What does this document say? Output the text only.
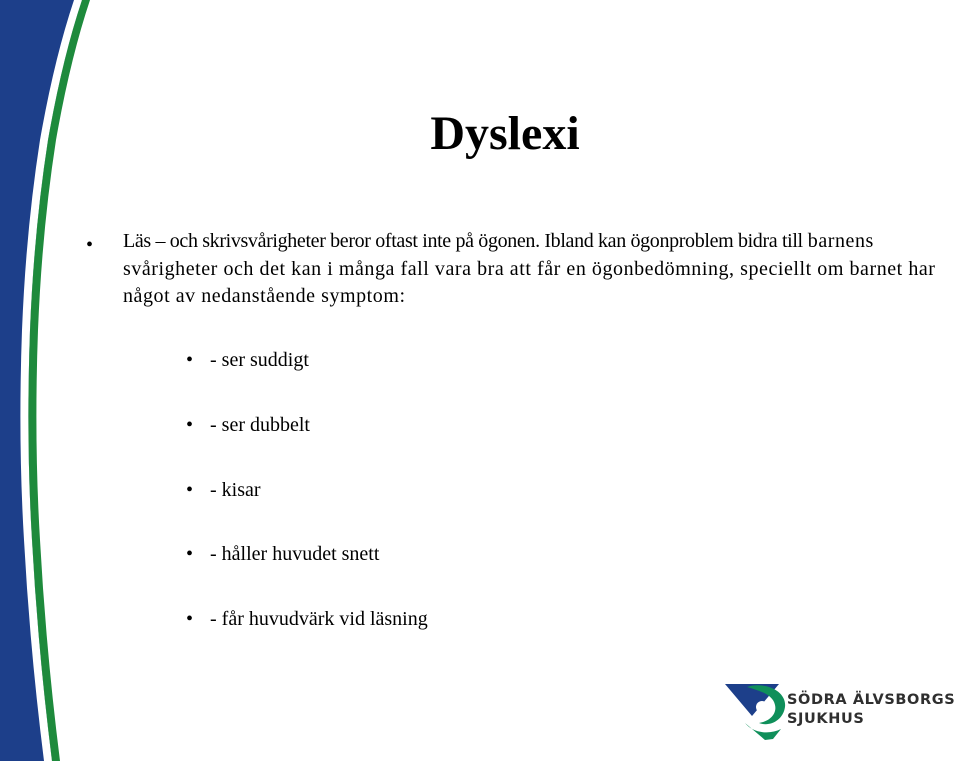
Dyslexi
• Läs – och skrivsvårigheter beror oftast inte på ögonen. Ibland kan ögonproblem bidra till barnens svårigheter och det kan i många fall vara bra att får en ögonbedömning, speciellt om barnet har något av nedanstående symptom:
• - ser suddigt
• - ser dubbelt
• - kisar
• - håller huvudet snett
• - får huvudvärk vid läsning
SÖDRA ÄLVSBORGS
SJUKHUS
